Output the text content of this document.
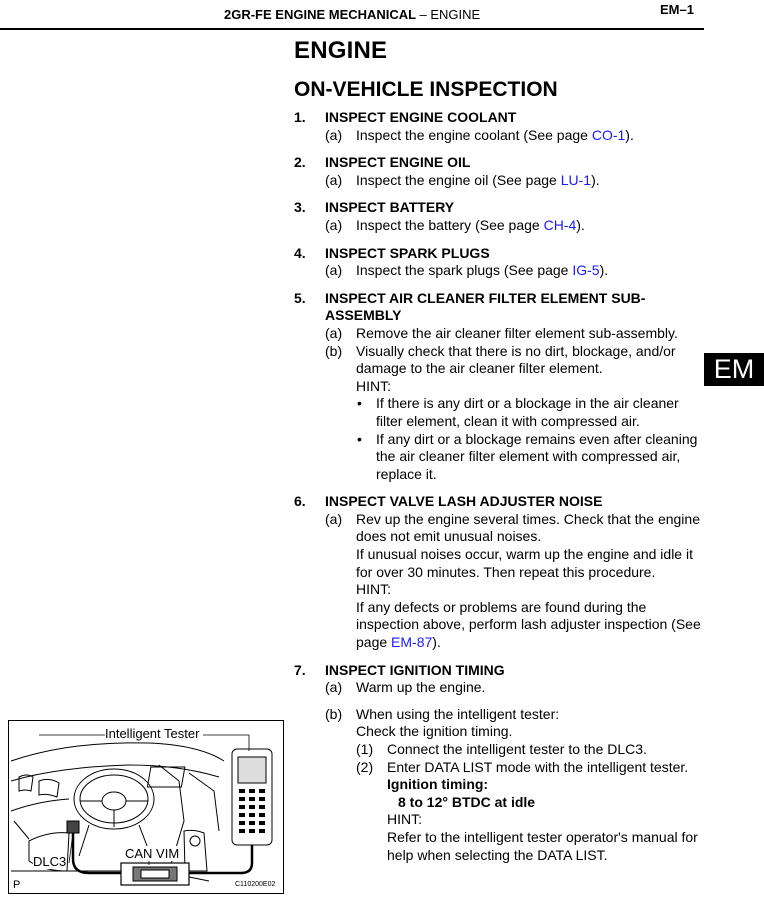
2GR-FE ENGINE MECHANICAL – ENGINE	EM–1
ENGINE
ON-VEHICLE INSPECTION
EM
1.	INSPECT ENGINE COOLANT
(a) Inspect the engine coolant (See page CO-1).
2.	INSPECT ENGINE OIL
(a) Inspect the engine oil (See page LU-1).
3.	INSPECT BATTERY
(a) Inspect the battery (See page CH-4).
4.	INSPECT SPARK PLUGS
(a) Inspect the spark plugs (See page IG-5).
5.	INSPECT AIR CLEANER FILTER ELEMENT SUB-ASSEMBLY
(a) Remove the air cleaner filter element sub-assembly.
(b) Visually check that there is no dirt, blockage, and/or damage to the air cleaner filter element.
HINT:
•	If there is any dirt or a blockage in the air cleaner filter element, clean it with compressed air.
•	If any dirt or a blockage remains even after cleaning the air cleaner filter element with compressed air, replace it.
6.	INSPECT VALVE LASH ADJUSTER NOISE
(a) Rev up the engine several times. Check that the engine does not emit unusual noises.
If unusual noises occur, warm up the engine and idle it for over 30 minutes. Then repeat this procedure.
HINT:
If any defects or problems are found during the inspection above, perform lash adjuster inspection (See page EM-87).
7.	INSPECT IGNITION TIMING
(a) Warm up the engine.
(b) When using the intelligent tester:
Check the ignition timing.
(1) Connect the intelligent tester to the DLC3.
(2) Enter DATA LIST mode with the intelligent tester.
Ignition timing:
8 to 12° BTDC at idle
HINT:
Refer to the intelligent tester operator's manual for help when selecting the DATA LIST.
Intelligent Tester
CAN VIM
DLC3
P	C110200E02
